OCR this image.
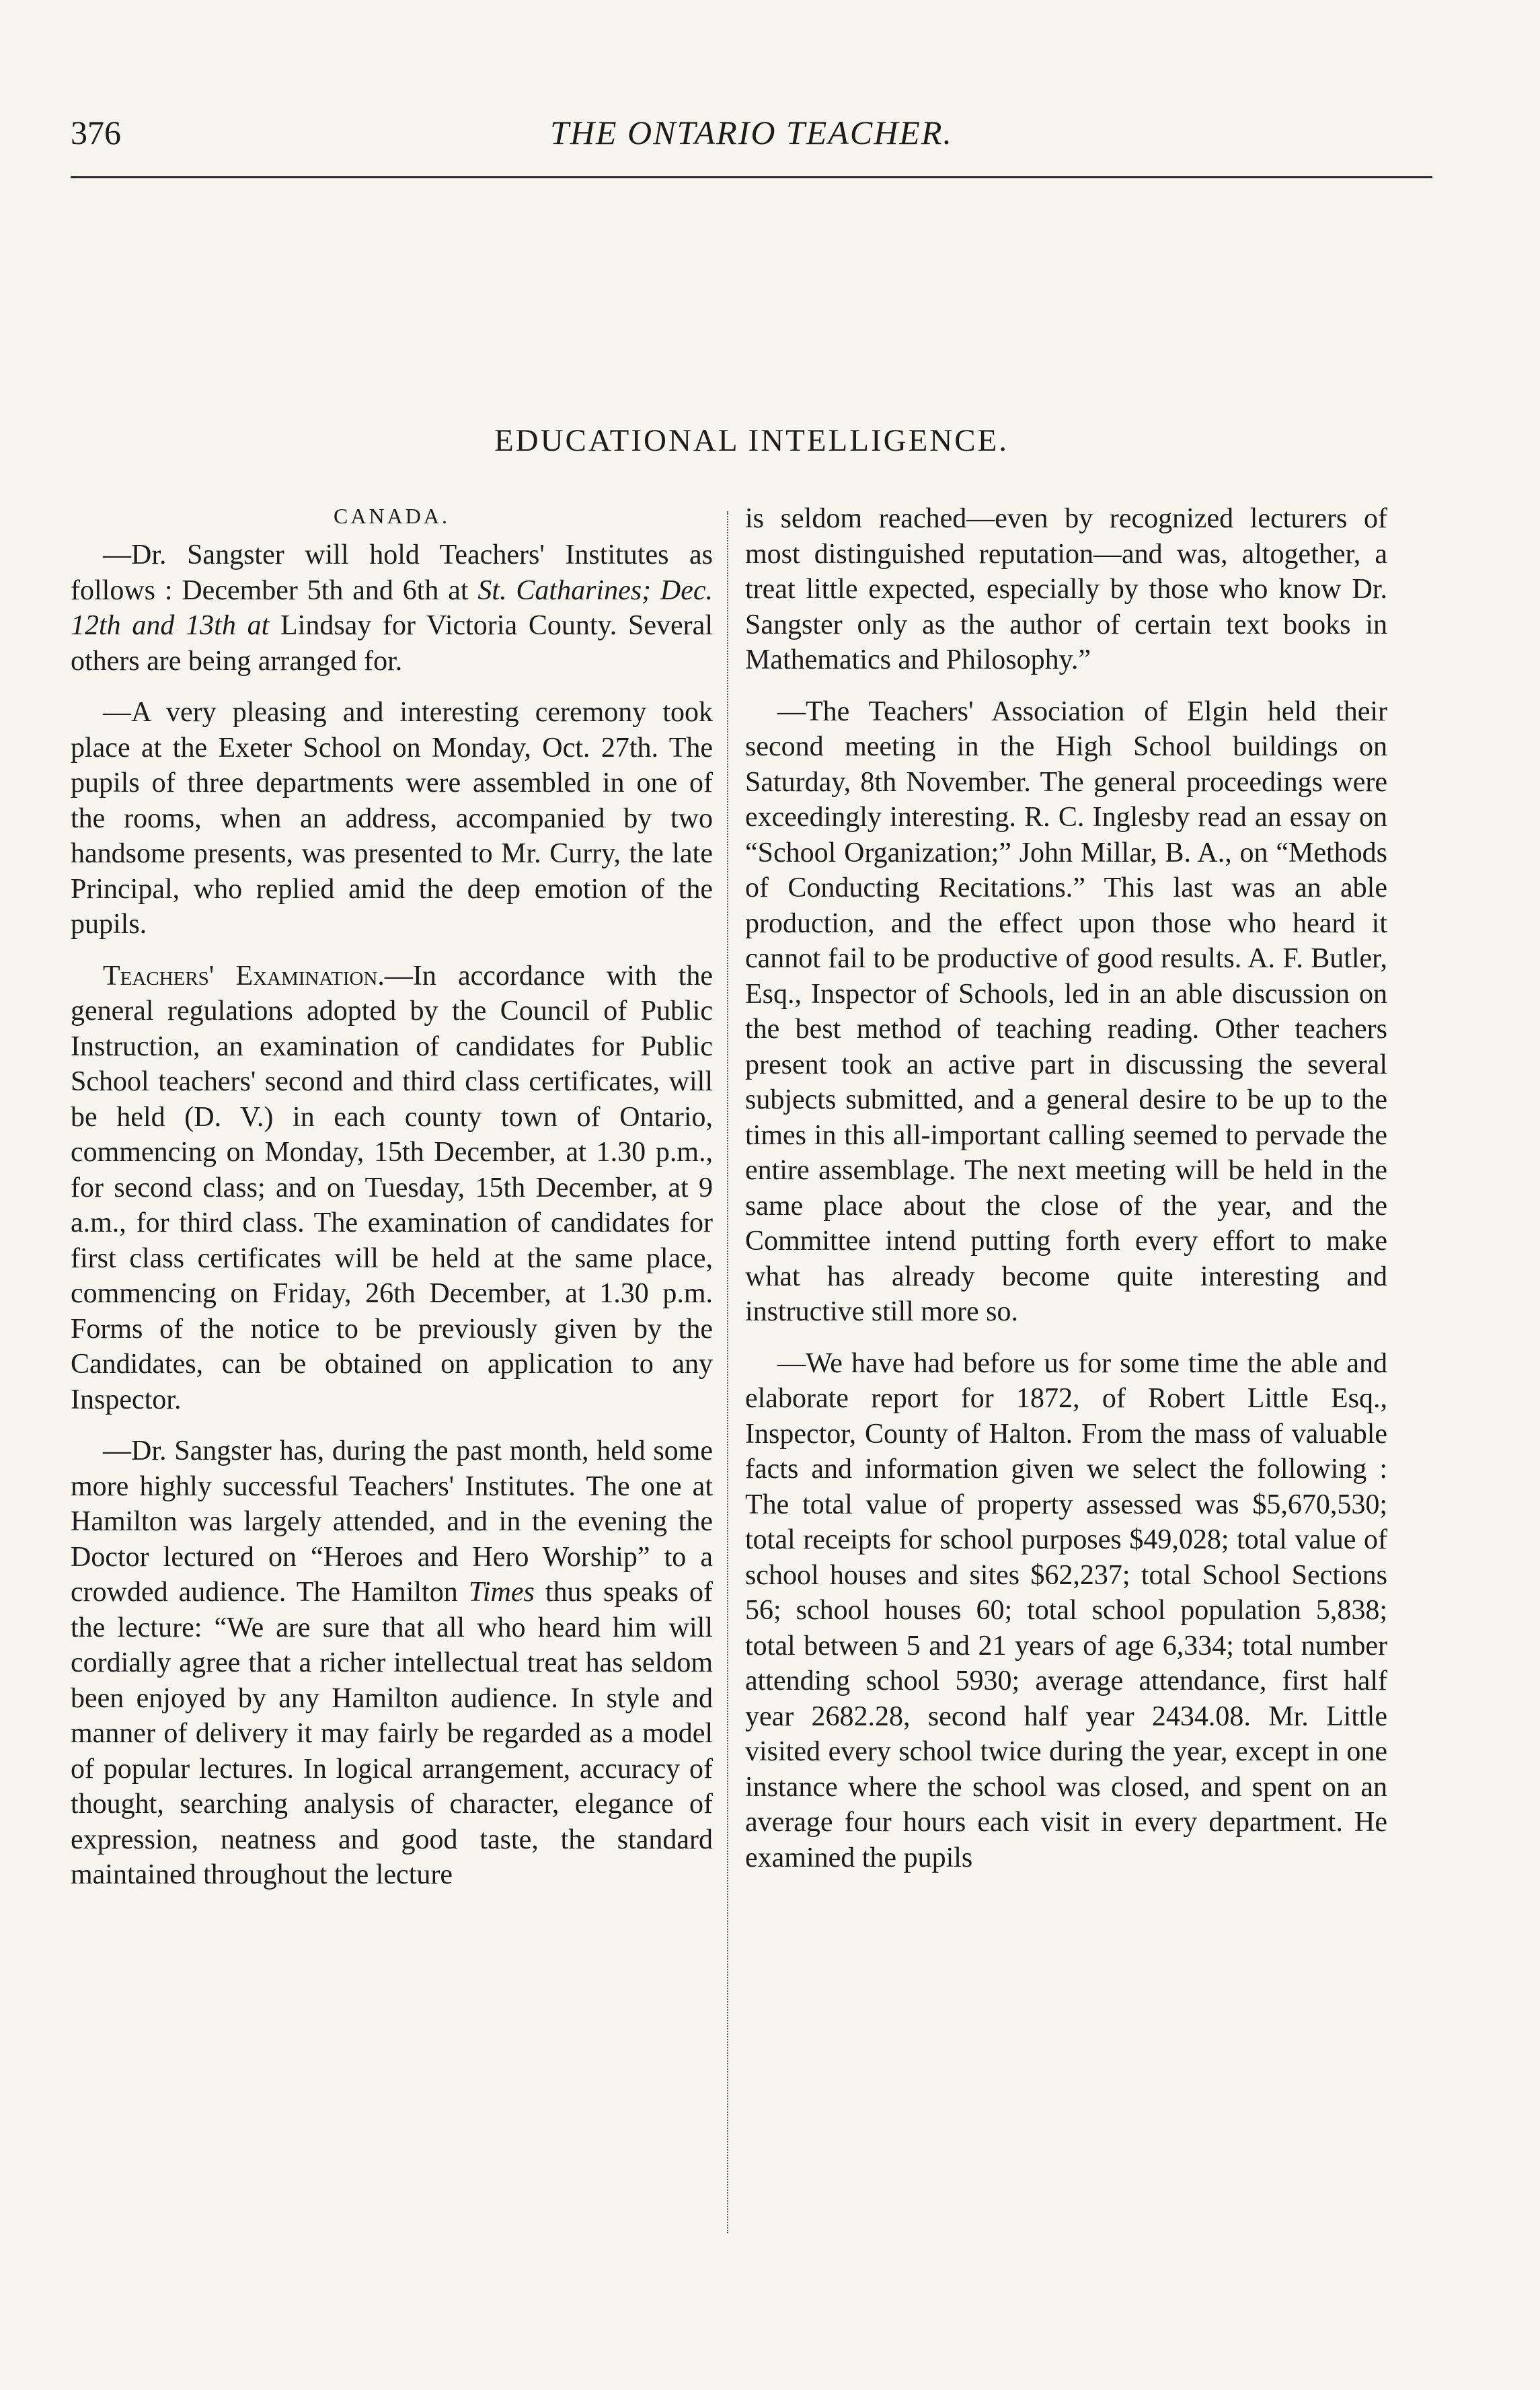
376	THE ONTARIO TEACHER.
EDUCATIONAL INTELLIGENCE.
CANADA.

—Dr. Sangster will hold Teachers' Institutes as follows : December 5th and 6th at St. Catharines; Dec. 12th and 13th at Lindsay for Victoria County. Several others are being arranged for.

—A very pleasing and interesting ceremony took place at the Exeter School on Monday, Oct. 27th. The pupils of three departments were assembled in one of the rooms, when an address, accompanied by two handsome presents, was presented to Mr. Curry, the late Principal, who replied amid the deep emotion of the pupils.

Teachers' Examination.—In accordance with the general regulations adopted by the Council of Public Instruction, an examination of candidates for Public School teachers' second and third class certificates, will be held (D. V.) in each county town of Ontario, commencing on Monday, 15th December, at 1.30 p.m., for second class; and on Tuesday, 15th December, at 9 a.m., for third class. The examination of candidates for first class certificates will be held at the same place, commencing on Friday, 26th December, at 1.30 p.m. Forms of the notice to be previously given by the Candidates, can be obtained on application to any Inspector.

—Dr. Sangster has, during the past month, held some more highly successful Teachers' Institutes. The one at Hamilton was largely attended, and in the evening the Doctor lectured on “Heroes and Hero Worship” to a crowded audience. The Hamilton Times thus speaks of the lecture: “We are sure that all who heard him will cordially agree that a richer intellectual treat has seldom been enjoyed by any Hamilton audience. In style and manner of delivery it may fairly be regarded as a model of popular lectures. In logical arrangement, accuracy of thought, searching analysis of character, elegance of expression, neatness and good taste, the standard maintained throughout the lecture

is seldom reached—even by recognized lecturers of most distinguished reputation—and was, altogether, a treat little expected, especially by those who know Dr. Sangster only as the author of certain text books in Mathematics and Philosophy.”

—The Teachers' Association of Elgin held their second meeting in the High School buildings on Saturday, 8th November. The general proceedings were exceedingly interesting. R. C. Inglesby read an essay on “School Organization;” John Millar, B. A., on “Methods of Conducting Recitations.” This last was an able production, and the effect upon those who heard it cannot fail to be productive of good results. A. F. Butler, Esq., Inspector of Schools, led in an able discussion on the best method of teaching reading. Other teachers present took an active part in discussing the several subjects submitted, and a general desire to be up to the times in this all-important calling seemed to pervade the entire assemblage. The next meeting will be held in the same place about the close of the year, and the Committee intend putting forth every effort to make what has already become quite interesting and instructive still more so.

—We have had before us for some time the able and elaborate report for 1872, of Robert Little Esq., Inspector, County of Halton. From the mass of valuable facts and information given we select the following : The total value of property assessed was $5,670,530; total receipts for school purposes $49,028; total value of school houses and sites $62,237; total School Sections 56; school houses 60; total school population 5,838; total between 5 and 21 years of age 6,334; total number attending school 5930; average attendance, first half year 2682.28, second half year 2434.08. Mr. Little visited every school twice during the year, except in one instance where the school was closed, and spent on an average four hours each visit in every department. He examined the pupils
